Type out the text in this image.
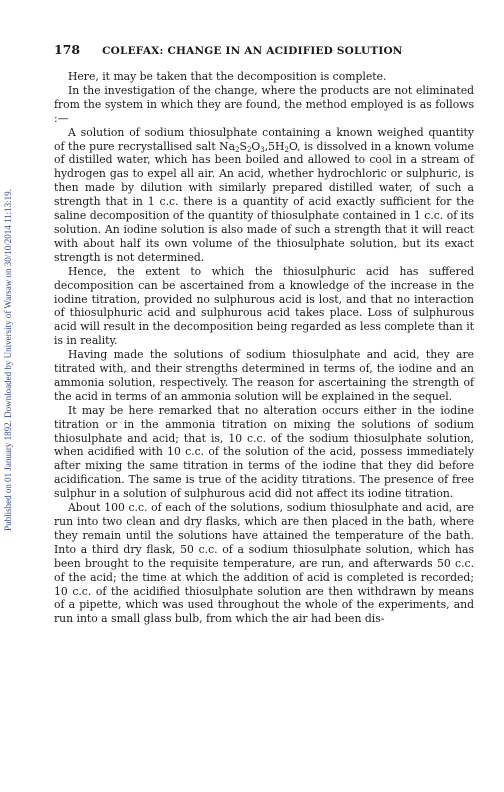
Published on 01 January 1892. Downloaded by University of Warsaw on 30/10/2014 11:13:19.
178 COLEFAX: CHANGE IN AN ACIDIFIED SOLUTION

Here, it may be taken that the decomposition is complete.

In the investigation of the change, where the products are not eliminated from the system in which they are found, the method employed is as follows :—

A solution of sodium thiosulphate containing a known weighed quantity of the pure recrystallised salt $Na_2S_2O_3,5H_2O$, is dissolved in a known volume of distilled water, which has been boiled and allowed to cool in a stream of hydrogen gas to expel all air. An acid, whether hydrochloric or sulphuric, is then made by dilution with similarly prepared distilled water, of such a strength that in 1 c.c. there is a quantity of acid exactly sufficient for the saline decomposition of the quantity of thiosulphate contained in 1 c.c. of its solution. An iodine solution is also made of such a strength that it will react with about half its own volume of the thiosulphate solution, but its exact strength is not determined.

Hence, the extent to which the thiosulphuric acid has suffered decomposition can be ascertained from a knowledge of the increase in the iodine titration, provided no sulphurous acid is lost, and that no interaction of thiosulphuric acid and sulphurous acid takes place. Loss of sulphurous acid will result in the decomposition being regarded as less complete than it is in reality.

Having made the solutions of sodium thiosulphate and acid, they are titrated with, and their strengths determined in terms of, the iodine and an ammonia solution, respectively. The reason for ascertaining the strength of the acid in terms of an ammonia solution will be explained in the sequel.

It may be here remarked that no alteration occurs either in the iodine titration or in the ammonia titration on mixing the solutions of sodium thiosulphate and acid; that is, 10 c.c. of the sodium thiosulphate solution, when acidified with 10 c.c. of the solution of the acid, possess immediately after mixing the same titration in terms of the iodine that they did before acidification. The same is true of the acidity titrations. The presence of free sulphur in a solution of sulphurous acid did not affect its iodine titration.

About 100 c.c. of each of the solutions, sodium thiosulphate and acid, are run into two clean and dry flasks, which are then placed in the bath, where they remain until the solutions have attained the temperature of the bath. Into a third dry flask, 50 c.c. of a sodium thiosulphate solution, which has been brought to the requisite temperature, are run, and afterwards 50 c.c. of the acid; the time at which the addition of acid is completed is recorded; 10 c.c. of the acidified thiosulphate solution are then withdrawn by means of a pipette, which was used throughout the whole of the experiments, and run into a small glass bulb, from which the air had been dis-
